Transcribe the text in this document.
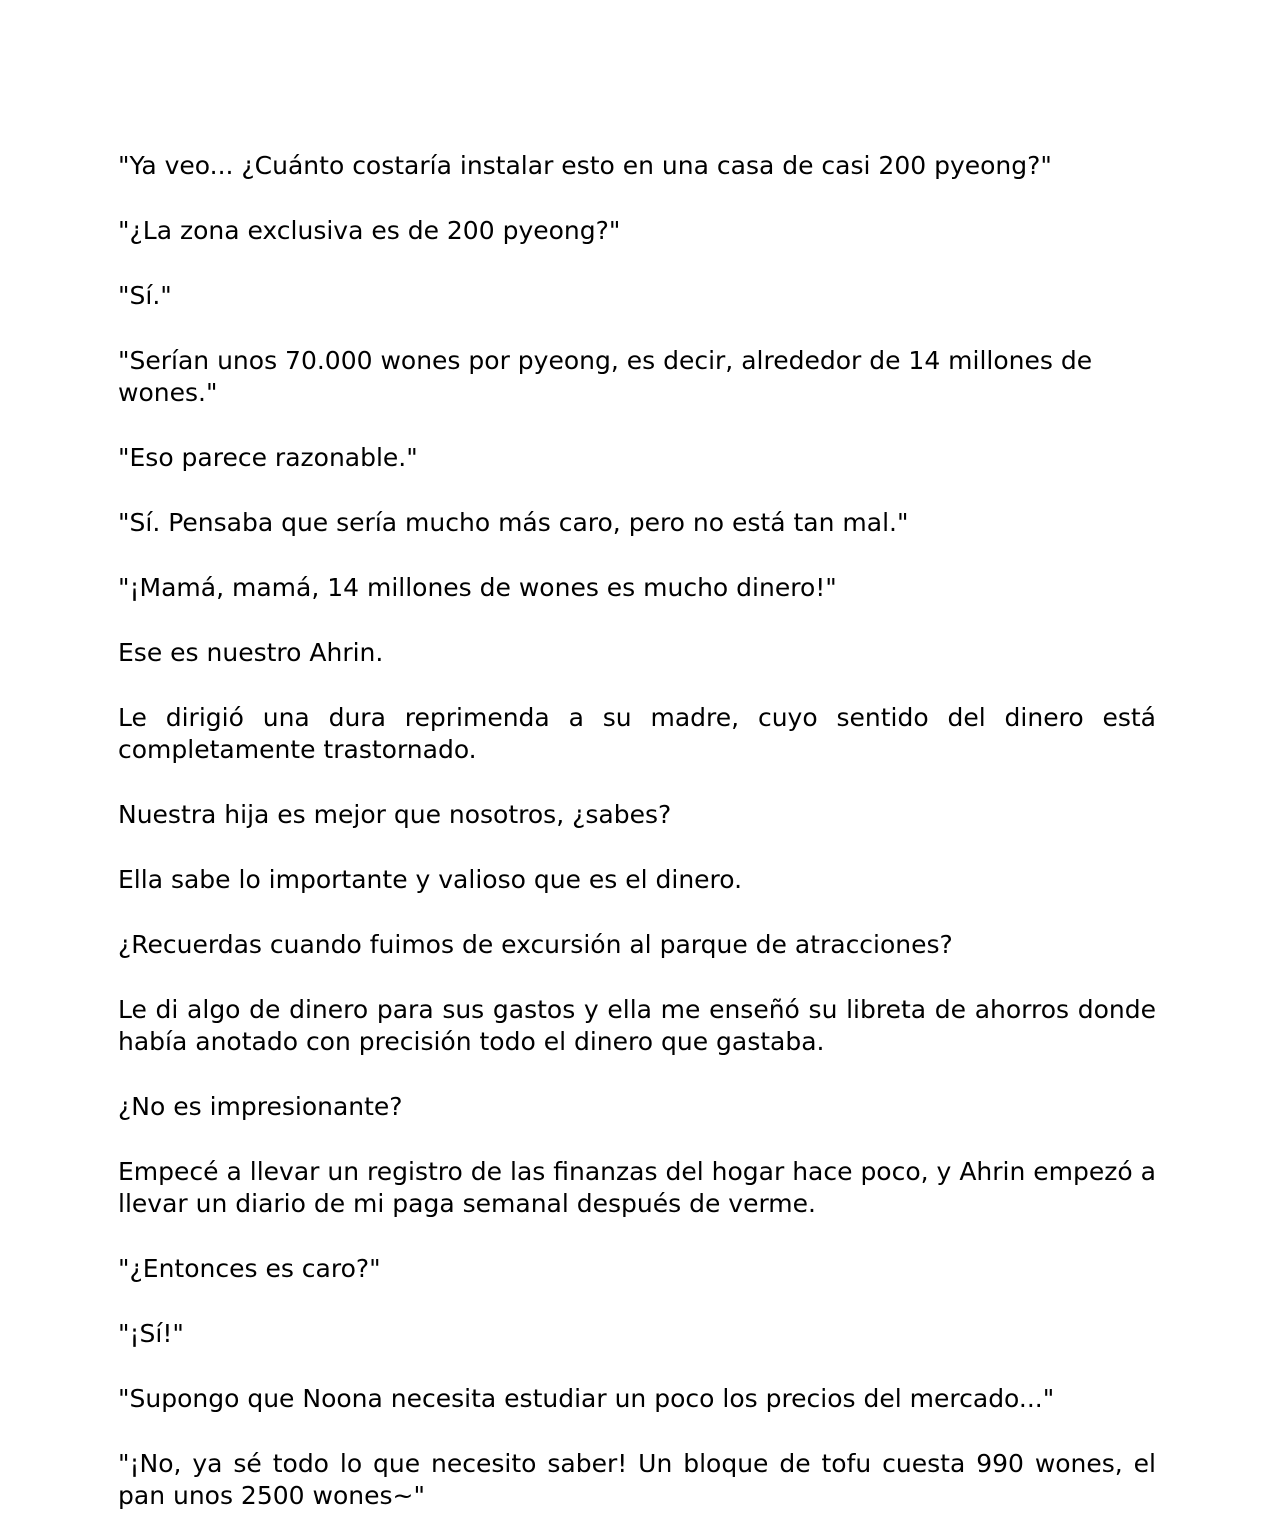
"Ya veo... ¿Cuánto costaría instalar esto en una casa de casi 200 pyeong?"

"¿La zona exclusiva es de 200 pyeong?"

"Sí."

"Serían unos 70.000 wones por pyeong, es decir, alrededor de 14 millones de wones."

"Eso parece razonable."

"Sí. Pensaba que sería mucho más caro, pero no está tan mal."

"¡Mamá, mamá, 14 millones de wones es mucho dinero!"

Ese es nuestro Ahrin.

Le dirigió una dura reprimenda a su madre, cuyo sentido del dinero está completamente trastornado.

Nuestra hija es mejor que nosotros, ¿sabes?

Ella sabe lo importante y valioso que es el dinero.

¿Recuerdas cuando fuimos de excursión al parque de atracciones?

Le di algo de dinero para sus gastos y ella me enseñó su libreta de ahorros donde había anotado con precisión todo el dinero que gastaba.

¿No es impresionante?

Empecé a llevar un registro de las finanzas del hogar hace poco, y Ahrin empezó a llevar un diario de mi paga semanal después de verme.

"¿Entonces es caro?"

"¡Sí!"

"Supongo que Noona necesita estudiar un poco los precios del mercado..."

"¡No, ya sé todo lo que necesito saber! Un bloque de tofu cuesta 990 wones, el pan unos 2500 wones~"
